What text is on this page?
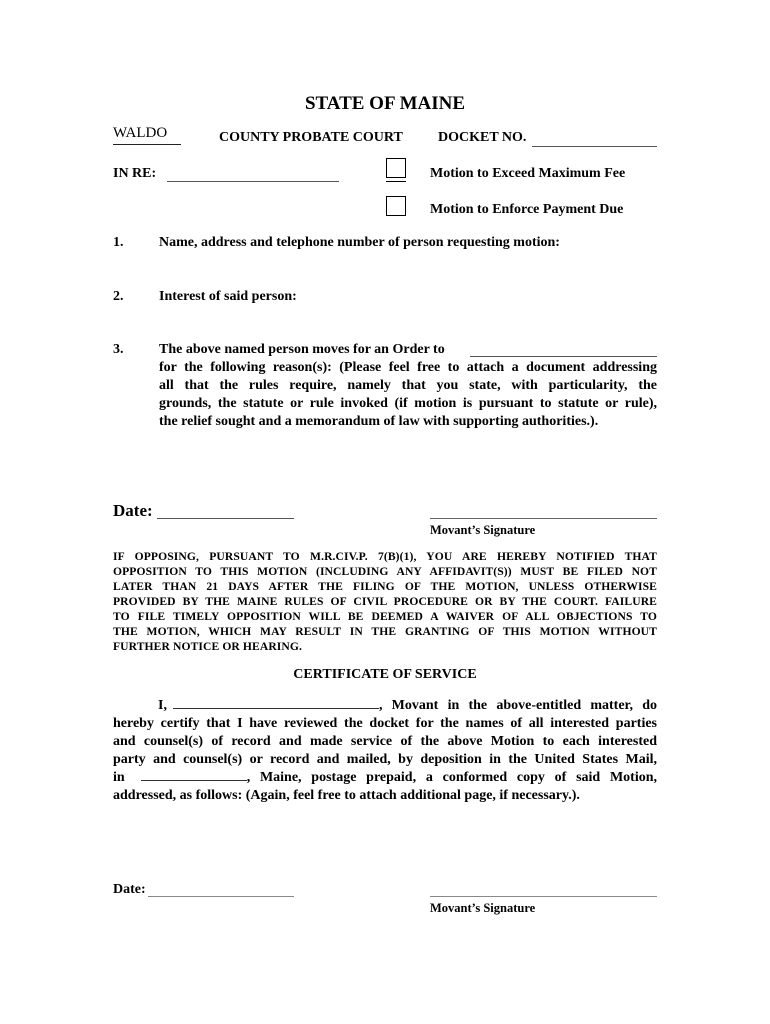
STATE OF MAINE
WALDO	COUNTY PROBATE COURT	DOCKET NO.
IN RE:	Motion to Exceed Maximum Fee
Motion to Enforce Payment Due
1.	Name, address and telephone number of person requesting motion:
2.	Interest of said person:
3.	The above named person moves for an Order to
for the following reason(s): (Please feel free to attach a document addressing
all that the rules require, namely that you state, with particularity, the
grounds, the statute or rule invoked (if motion is pursuant to statute or rule),
the relief sought and a memorandum of law with supporting authorities.).
Date:
Movant’s Signature
IF OPPOSING, PURSUANT TO M.R.CIV.P. 7(B)(1), YOU ARE HEREBY NOTIFIED THAT
OPPOSITION TO THIS MOTION (INCLUDING ANY AFFIDAVIT(S)) MUST BE FILED NOT
LATER THAN 21 DAYS AFTER THE FILING OF THE MOTION, UNLESS OTHERWISE
PROVIDED BY THE MAINE RULES OF CIVIL PROCEDURE OR BY THE COURT. FAILURE
TO FILE TIMELY OPPOSITION WILL BE DEEMED A WAIVER OF ALL OBJECTIONS TO
THE MOTION, WHICH MAY RESULT IN THE GRANTING OF THIS MOTION WITHOUT
FURTHER NOTICE OR HEARING.
CERTIFICATE OF SERVICE
I,	, Movant in the above-entitled matter, do
hereby certify that I have reviewed the docket for the names of all interested parties
and counsel(s) of record and made service of the above Motion to each interested
party and counsel(s) or record and mailed, by deposition in the United States Mail,
in	, Maine, postage prepaid, a conformed copy of said Motion,
addressed, as follows: (Again, feel free to attach additional page, if necessary.).
Date:
Movant’s Signature
